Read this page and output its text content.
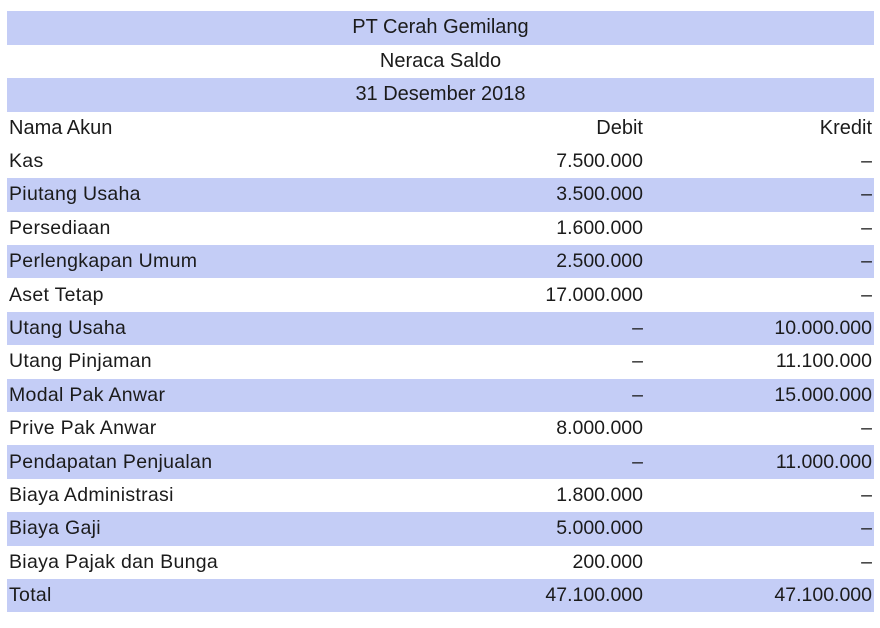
PT Cerah Gemilang
Neraca Saldo
31 Desember 2018
Nama Akun	Debit	Kredit
Kas	7.500.000	–
Piutang Usaha	3.500.000	–
Persediaan	1.600.000	–
Perlengkapan Umum	2.500.000	–
Aset Tetap	17.000.000	–
Utang Usaha	–	10.000.000
Utang Pinjaman	–	11.100.000
Modal Pak Anwar	–	15.000.000
Prive Pak Anwar	8.000.000	–
Pendapatan Penjualan	–	11.000.000
Biaya Administrasi	1.800.000	–
Biaya Gaji	5.000.000	–
Biaya Pajak dan Bunga	200.000	–
Total	47.100.000	47.100.000
